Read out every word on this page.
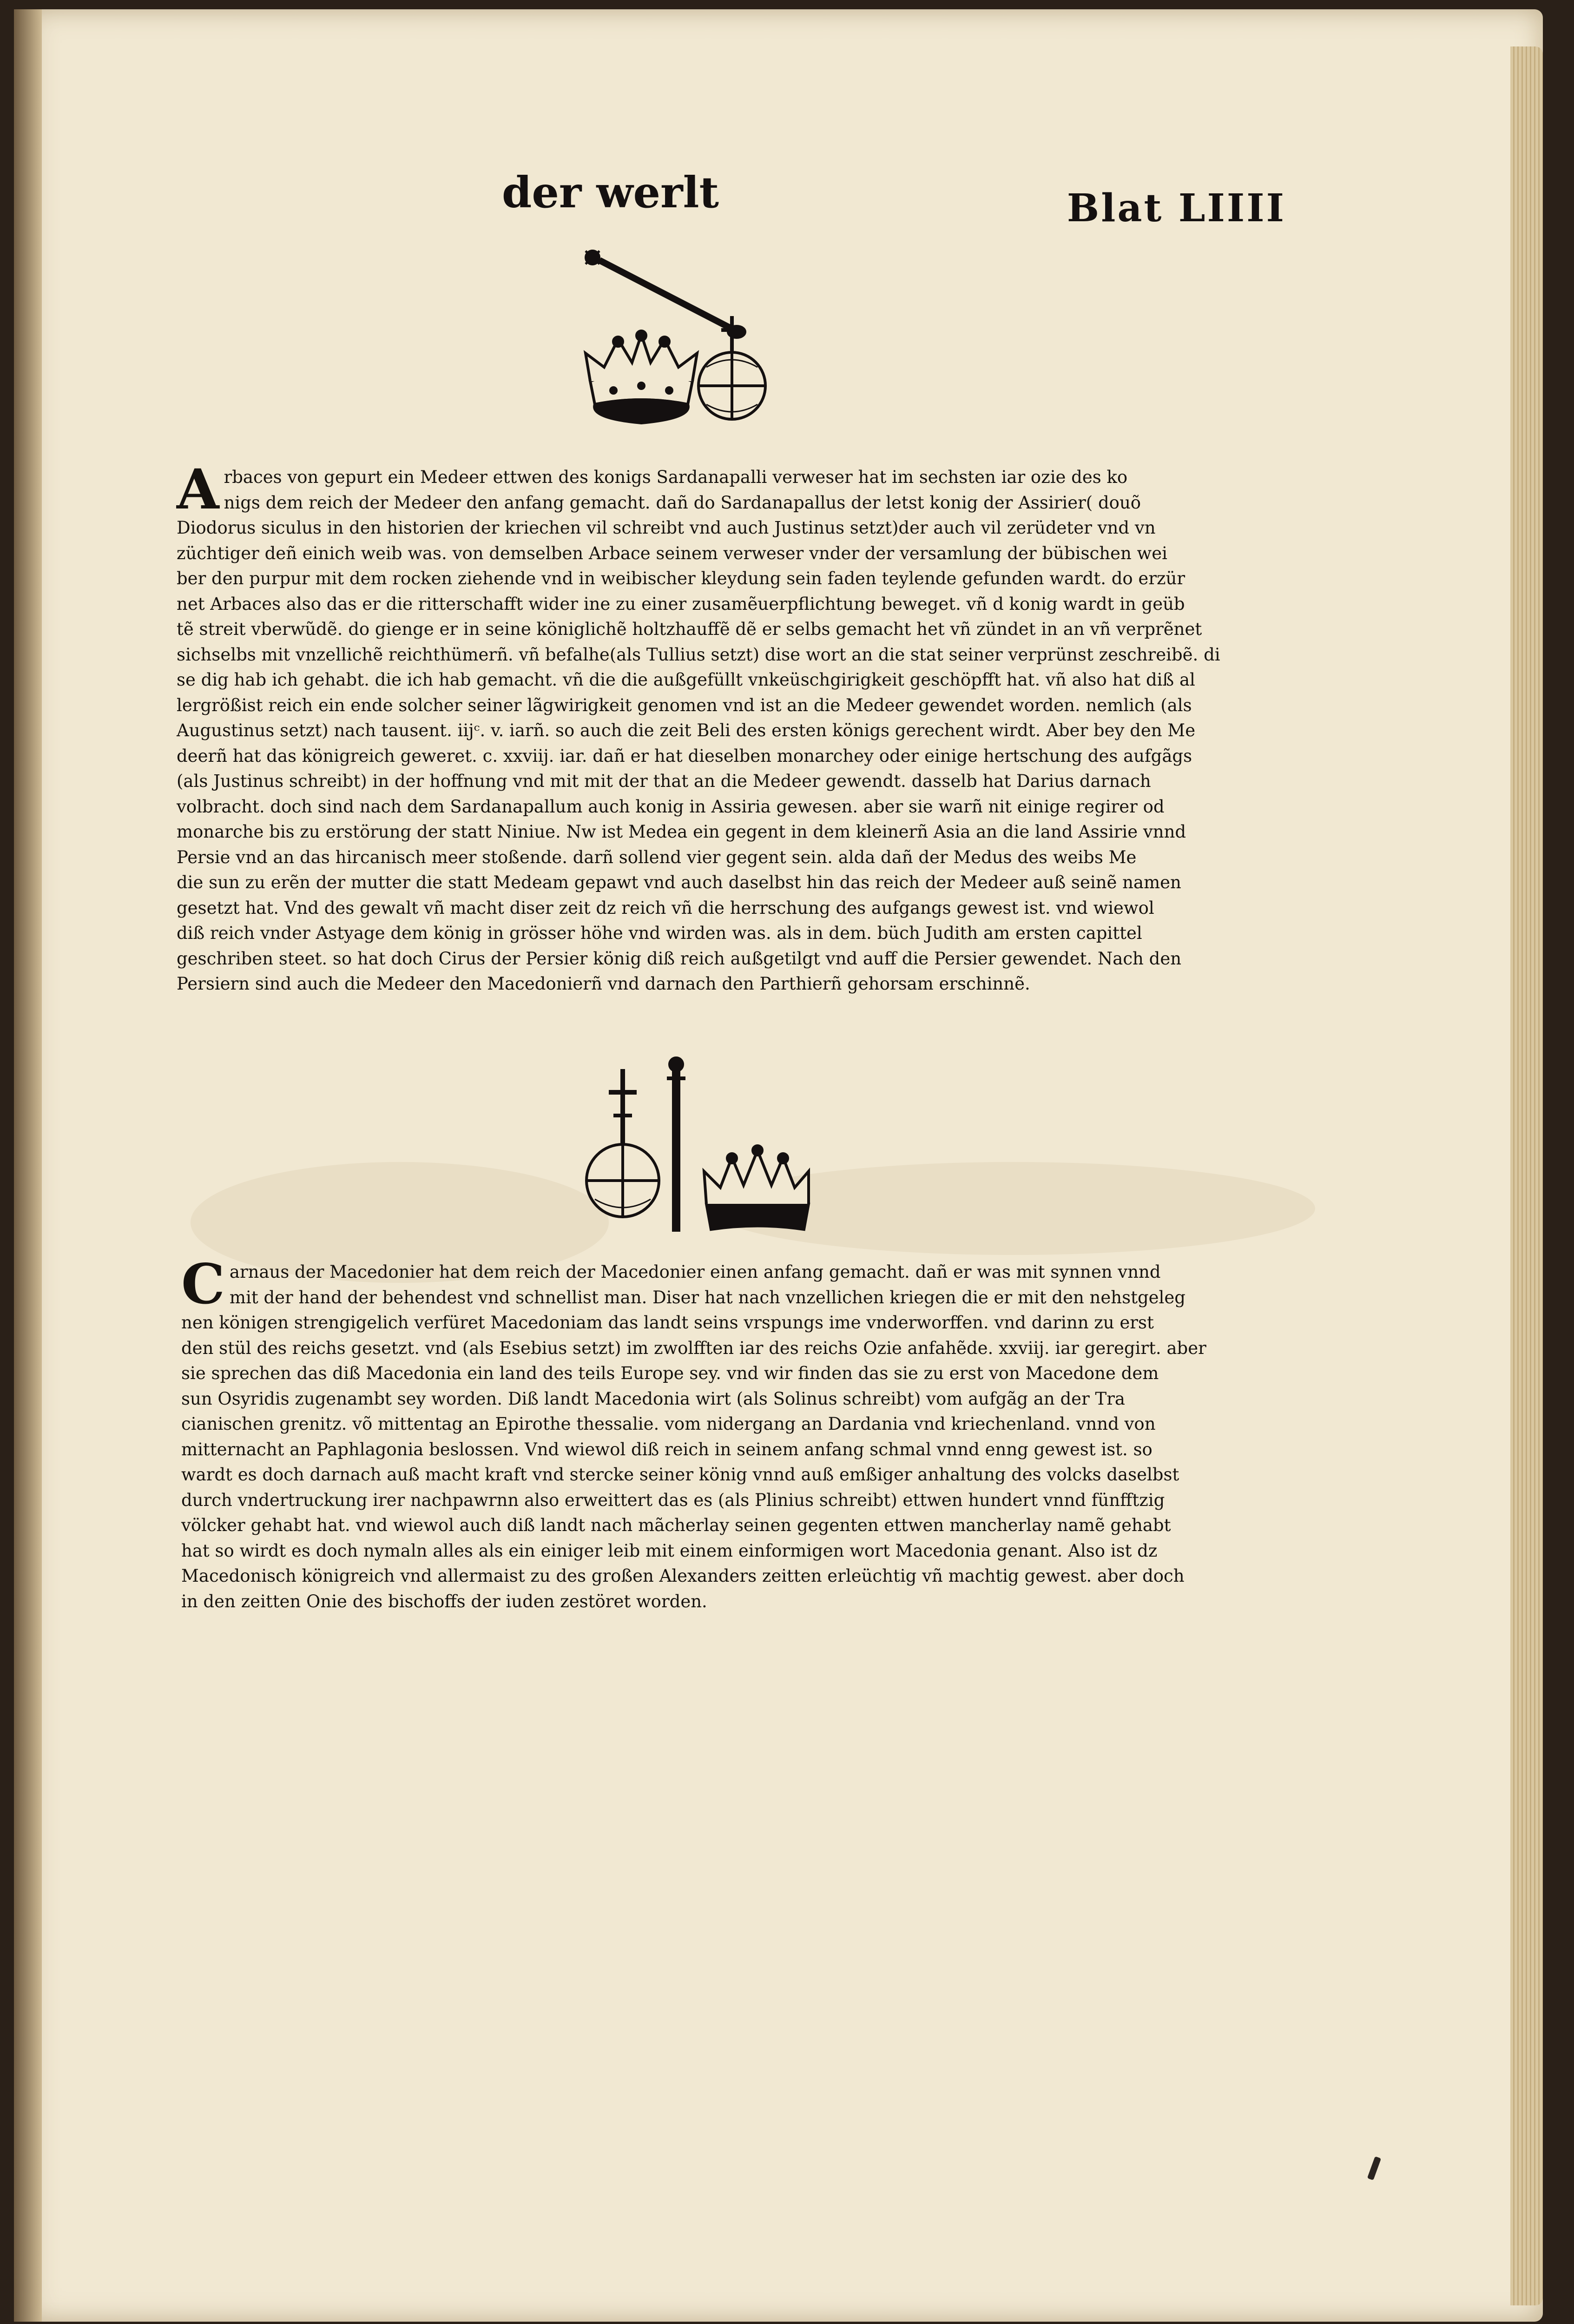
der werlt	Blat LIIII
A rbaces von gepurt ein Medeer ettwen des konigs Sardanapalli verweser hat im sechsten iar ozie des ko

nigs dem reich der Medeer den anfang gemacht. dañ do Sardanapallus der letst konig der Assirier( douõ

Diodorus siculus in den historien der kriechen vil schreibt vnd auch Justinus setzt)der auch vil zerüdeter vnd vn

züchtiger deñ einich weib was. von demselben Arbace seinem verweser vnder der versamlung der bübischen wei

ber den purpur mit dem rocken ziehende vnd in weibischer kleydung sein faden teylende gefunden wardt. do erzür

net Arbaces also das er die ritterschafft wider ine zu einer zusamẽuerpflichtung beweget. vñ d konig wardt in geüb

tẽ streit vberwũdẽ. do gienge er in seine königlichẽ holtzhauffẽ dẽ er selbs gemacht het vñ zündet in an vñ verprẽnet

sichselbs mit vnzellichẽ reichthümerñ. vñ befalhe(als Tullius setzt) dise wort an die stat seiner verprünst zeschreibẽ. di

se dig hab ich gehabt. die ich hab gemacht. vñ die die außgefüllt vnkeüschgirigkeit geschöpfft hat. vñ also hat diß al

lergrößist reich ein ende solcher seiner lãgwirigkeit genomen vnd ist an die Medeer gewendet worden. nemlich (als

Augustinus setzt) nach tausent. iijᶜ. v. iarñ. so auch die zeit Beli des ersten königs gerechent wirdt. Aber bey den Me

deerñ hat das königreich geweret. c. xxviij. iar. dañ er hat dieselben monarchey oder einige hertschung des aufgãgs

(als Justinus schreibt) in der hoffnung vnd mit mit der that an die Medeer gewendt. dasselb hat Darius darnach

volbracht. doch sind nach dem Sardanapallum auch konig in Assiria gewesen. aber sie warñ nit einige regirer od

monarche bis zu erstörung der statt Niniue. Nw ist Medea ein gegent in dem kleinerñ Asia an die land Assirie vnnd

Persie vnd an das hircanisch meer stoßende. darñ sollend vier gegent sein. alda dañ der Medus des weibs Me

die sun zu erẽn der mutter die statt Medeam gepawt vnd auch daselbst hin das reich der Medeer auß seinẽ namen

gesetzt hat. Vnd des gewalt vñ macht diser zeit dz reich vñ die herrschung des aufgangs gewest ist. vnd wiewol

diß reich vnder Astyage dem könig in grösser höhe vnd wirden was. als in dem. büch Judith am ersten capittel

geschriben steet. so hat doch Cirus der Persier könig diß reich außgetilgt vnd auff die Persier gewendet. Nach den

Persiern sind auch die Medeer den Macedonierñ vnd darnach den Parthierñ gehorsam erschinnẽ.

C arnaus der Macedonier hat dem reich der Macedonier einen anfang gemacht. dañ er was mit synnen vnnd

mit der hand der behendest vnd schnellist man. Diser hat nach vnzellichen kriegen die er mit den nehstgeleg

nen königen strengigelich verfüret Macedoniam das landt seins vrspungs ime vnderworffen. vnd darinn zu erst

den stül des reichs gesetzt. vnd (als Esebius setzt) im zwolfften iar des reichs Ozie anfahẽde. xxviij. iar geregirt. aber

sie sprechen das diß Macedonia ein land des teils Europe sey. vnd wir finden das sie zu erst von Macedone dem

sun Osyridis zugenambt sey worden. Diß landt Macedonia wirt (als Solinus schreibt) vom aufgãg an der Tra

cianischen grenitz. võ mittentag an Epirothe thessalie. vom nidergang an Dardania vnd kriechenland. vnnd von

mitternacht an Paphlagonia beslossen. Vnd wiewol diß reich in seinem anfang schmal vnnd enng gewest ist. so

wardt es doch darnach auß macht kraft vnd stercke seiner könig vnnd auß emßiger anhaltung des volcks daselbst

durch vndertruckung irer nachpawrnn also erweittert das es (als Plinius schreibt) ettwen hundert vnnd fünfftzig

völcker gehabt hat. vnd wiewol auch diß landt nach mãcherlay seinen gegenten ettwen mancherlay namẽ gehabt

hat so wirdt es doch nymaln alles als ein einiger leib mit einem einformigen wort Macedonia genant. Also ist dz

Macedonisch königreich vnd allermaist zu des großen Alexanders zeitten erleüchtig vñ machtig gewest. aber doch

in den zeitten Onie des bischoffs der iuden zestöret worden.
